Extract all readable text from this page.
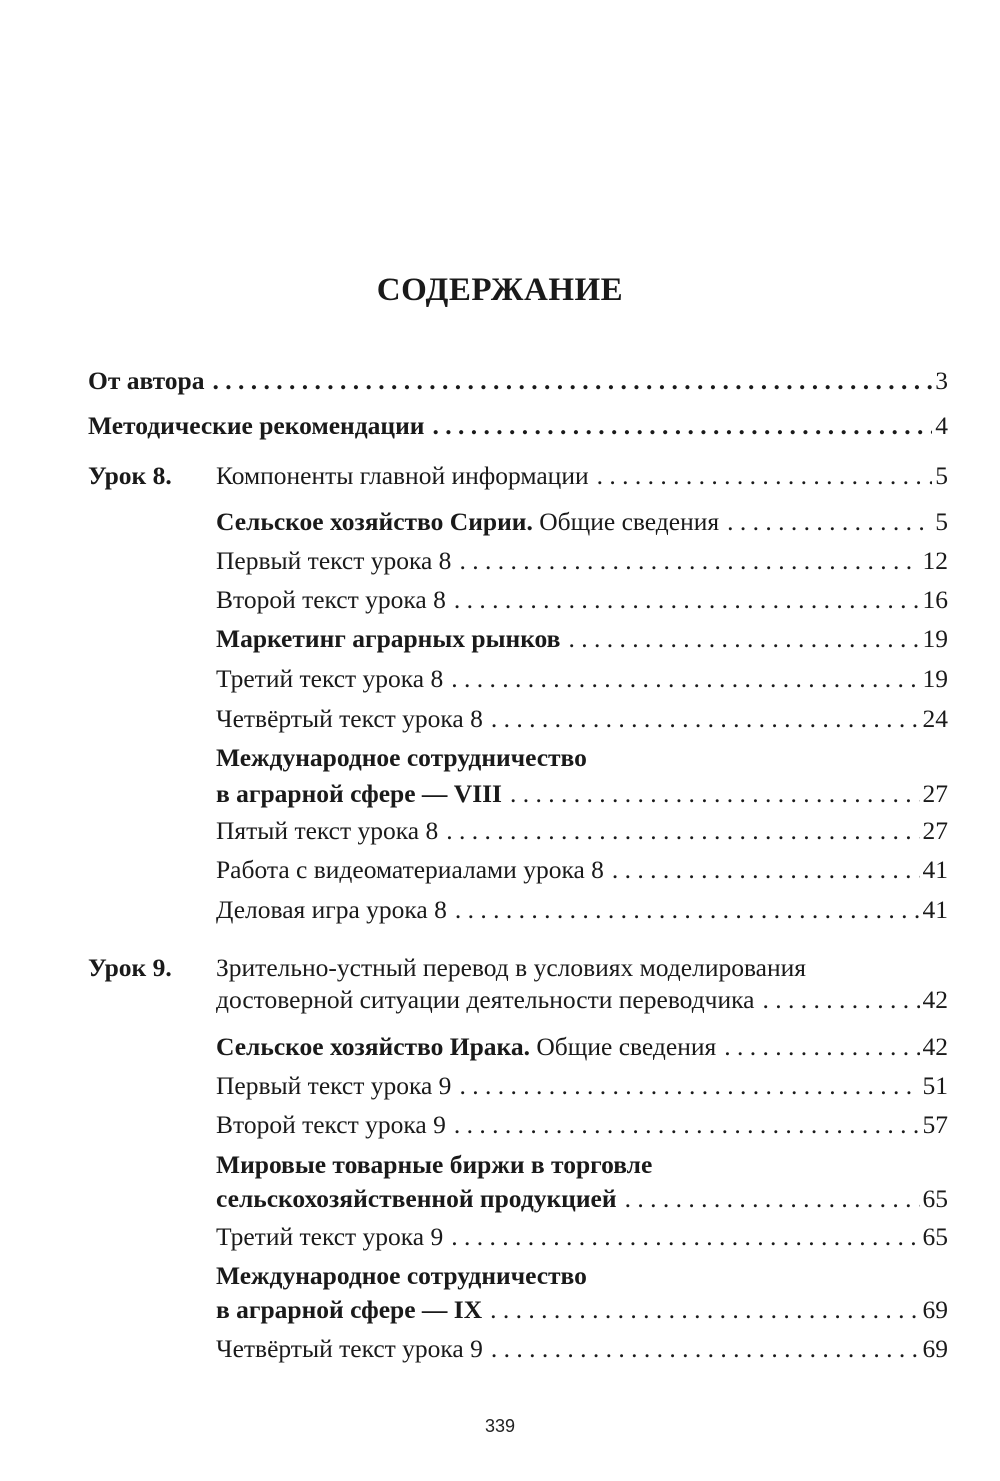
СОДЕРЖАНИЕ
От автора . . .	3
Методические рекомендации . . .	4
Урок 8. Компоненты главной информации . . .	5
Сельское хозяйство Сирии. Общие сведения . . .	5
Первый текст урока 8 . . .	12
Второй текст урока 8 . . .	16
Маркетинг аграрных рынков . . .	19
Третий текст урока 8 . . .	19
Четвёртый текст урока 8 . . .	24
Международное сотрудничество
в аграрной сфере — VIII . . .	27
Пятый текст урока 8 . . .	27
Работа с видеоматериалами урока 8 . . .	41
Деловая игра урока 8 . . .	41
Урок 9. Зрительно-устный перевод в условиях моделирования
достоверной ситуации деятельности переводчика . . .	42
Сельское хозяйство Ирака. Общие сведения . . .	42
Первый текст урока 9 . . .	51
Второй текст урока 9 . . .	57
Мировые товарные биржи в торговле
сельскохозяйственной продукцией . . .	65
Третий текст урока 9 . . .	65
Международное сотрудничество
в аграрной сфере — IX . . .	69
Четвёртый текст урока 9 . . .	69
339
